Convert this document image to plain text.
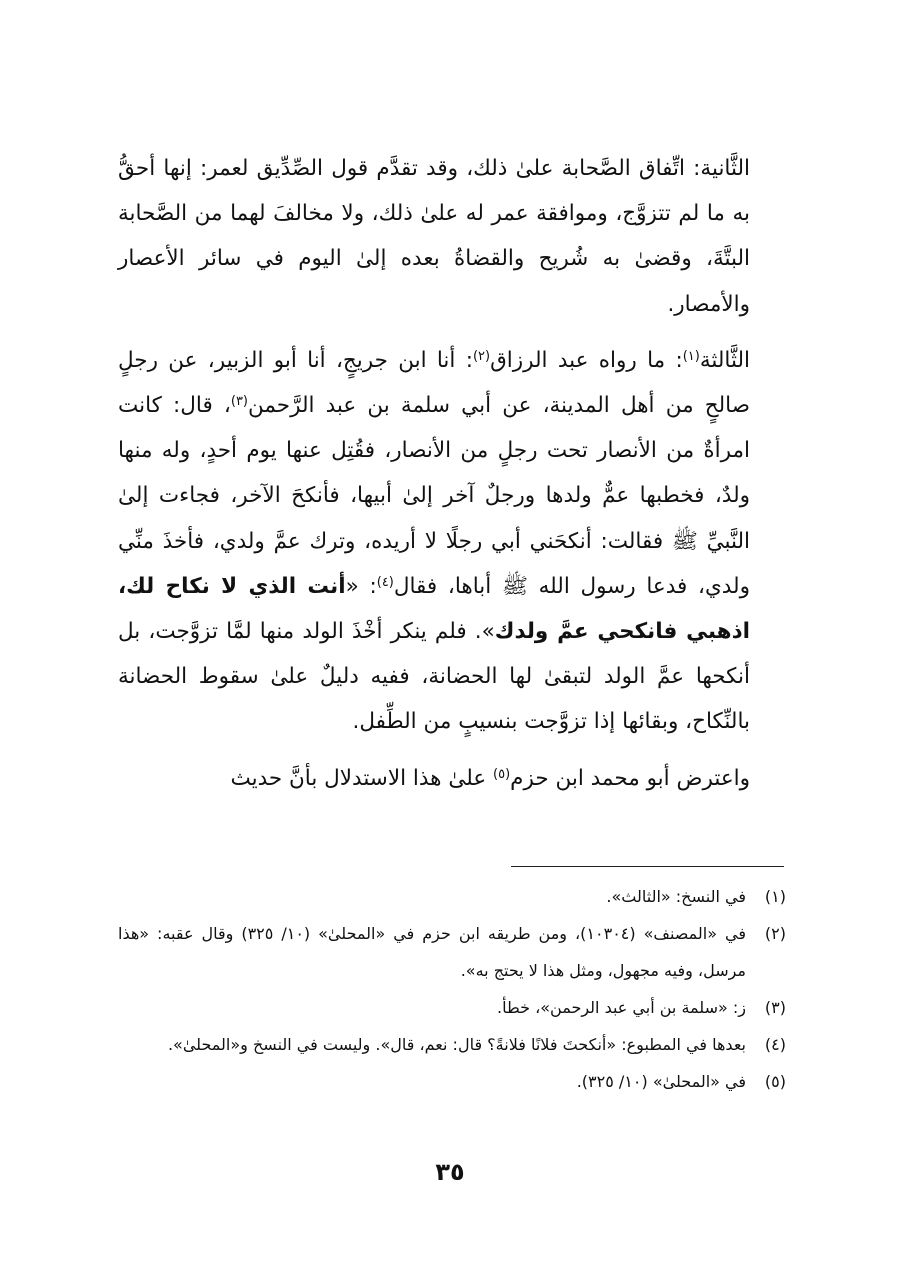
الثَّانية: اتِّفاق الصَّحابة علىٰ ذلك، وقد تقدَّم قول الصِّدِّيق لعمر: إنها أحقُّ به ما لم تتزوَّج، وموافقة عمر له علىٰ ذلك، ولا مخالفَ لهما من الصَّحابة البتَّةَ، وقضىٰ به شُريح والقضاةُ بعده إلىٰ اليوم في سائر الأعصار والأمصار.

الثَّالثة$^{(١)}$: ما رواه عبد الرزاق$^{(٢)}$: أنا ابن جريجٍ، أنا أبو الزبير، عن رجلٍ صالحٍ من أهل المدينة، عن أبي سلمة بن عبد الرَّحمن$^{(٣)}$، قال: كانت امرأةٌ من الأنصار تحت رجلٍ من الأنصار، فقُتِل عنها يوم أحدٍ، وله منها ولدٌ، فخطبها عمٌّ ولدها ورجلٌ آخر إلىٰ أبيها، فأنكحَ الآخر، فجاءت إلىٰ النَّبيِّ ﷺ فقالت: أنكحَني أبي رجلًا لا أريده، وترك عمَّ ولدي، فأخذَ منِّي ولدي، فدعا رسول الله ﷺ أباها، فقال$^{(٤)}$: «أنت الذي لا نكاح لك، اذهبي فانكحي عمَّ ولدك». فلم ينكر أخْذَ الولد منها لمَّا تزوَّجت، بل أنكحها عمَّ الولد لتبقىٰ لها الحضانة، ففيه دليلٌ علىٰ سقوط الحضانة بالنِّكاح، وبقائها إذا تزوَّجت بنسيبٍ من الطِّفل.

واعترض أبو محمد ابن حزم$^{(٥)}$ علىٰ هذا الاستدلال بأنَّ حديث

(١)
في النسخ: «الثالث».
(٢)
في «المصنف» (١٠٣٠٤)، ومن طريقه ابن حزم في «المحلىٰ» (١٠/ ٣٢٥) وقال عقبه: «هذا مرسل، وفيه مجهول، ومثل هذا لا يحتج به».
(٣)
ز: «سلمة بن أبي عبد الرحمن»، خطأ.
(٤)
بعدها في المطبوع: «أنكحتَ فلانًا فلانةً؟ قال: نعم، قال». وليست في النسخ و«المحلىٰ».
(٥)
في «المحلىٰ» (١٠/ ٣٢٥).
٣٥
